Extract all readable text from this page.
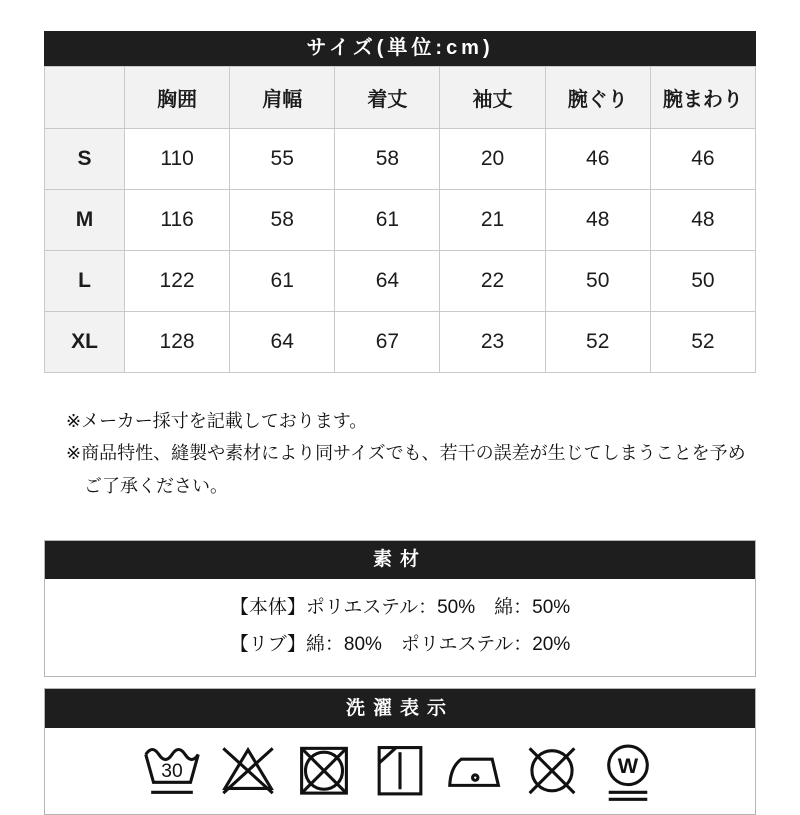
サイズ(単位:cm)
	胸囲	肩幅	着丈	袖丈	腕ぐり	腕まわり
S	110	55	58	20	46	46
M	116	58	61	21	48	48
L	122	61	64	22	50	50
XL	128	64	67	23	52	52

※メーカー採寸を記載しております。

※商品特性、縫製や素材により同サイズでも、若干の誤差が生じてしまうことを予めご了承ください。

素材
【本体】ポリエステル：50%　綿：50%
【リブ】綿：80%　ポリエステル：20%
洗濯表示
30	W
